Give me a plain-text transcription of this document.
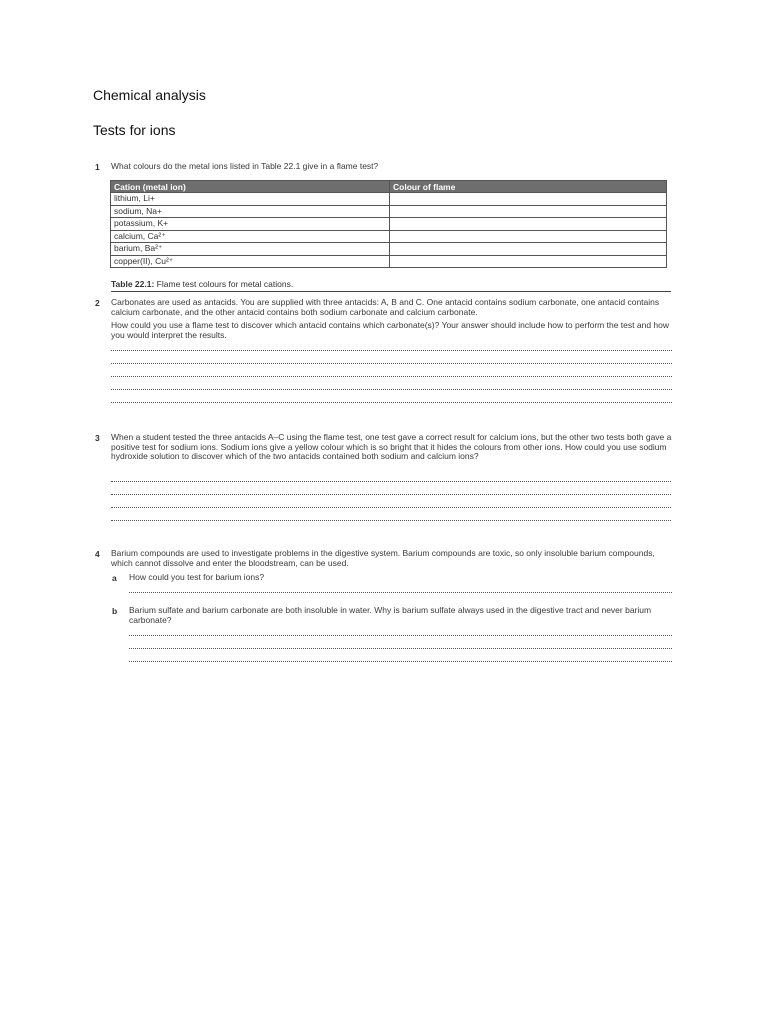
Chemical analysis
Tests for ions
1 What colours do the metal ions listed in Table 22.1 give in a flame test?
Cation (metal ion)	Colour of flame
lithium, Li+	
sodium, Na+	
potassium, K+	
calcium, Ca²⁺	
barium, Ba²⁺	
copper(II), Cu²⁺	
Table 22.1: Flame test colours for metal cations.
2 Carbonates are used as antacids. You are supplied with three antacids: A, B and C. One antacid contains sodium carbonate, one antacid contains calcium carbonate, and the other antacid contains both sodium carbonate and calcium carbonate.
How could you use a flame test to discover which antacid contains which carbonate(s)? Your answer should include how to perform the test and how you would interpret the results.
3 When a student tested the three antacids A–C using the flame test, one test gave a correct result for calcium ions, but the other two tests both gave a positive test for sodium ions. Sodium ions give a yellow colour which is so bright that it hides the colours from other ions. How could you use sodium hydroxide solution to discover which of the two antacids contained both sodium and calcium ions?
4 Barium compounds are used to investigate problems in the digestive system. Barium compounds are toxic, so only insoluble barium compounds, which cannot dissolve and enter the bloodstream, can be used.
a How could you test for barium ions?
b Barium sulfate and barium carbonate are both insoluble in water. Why is barium sulfate always used in the digestive tract and never barium carbonate?
